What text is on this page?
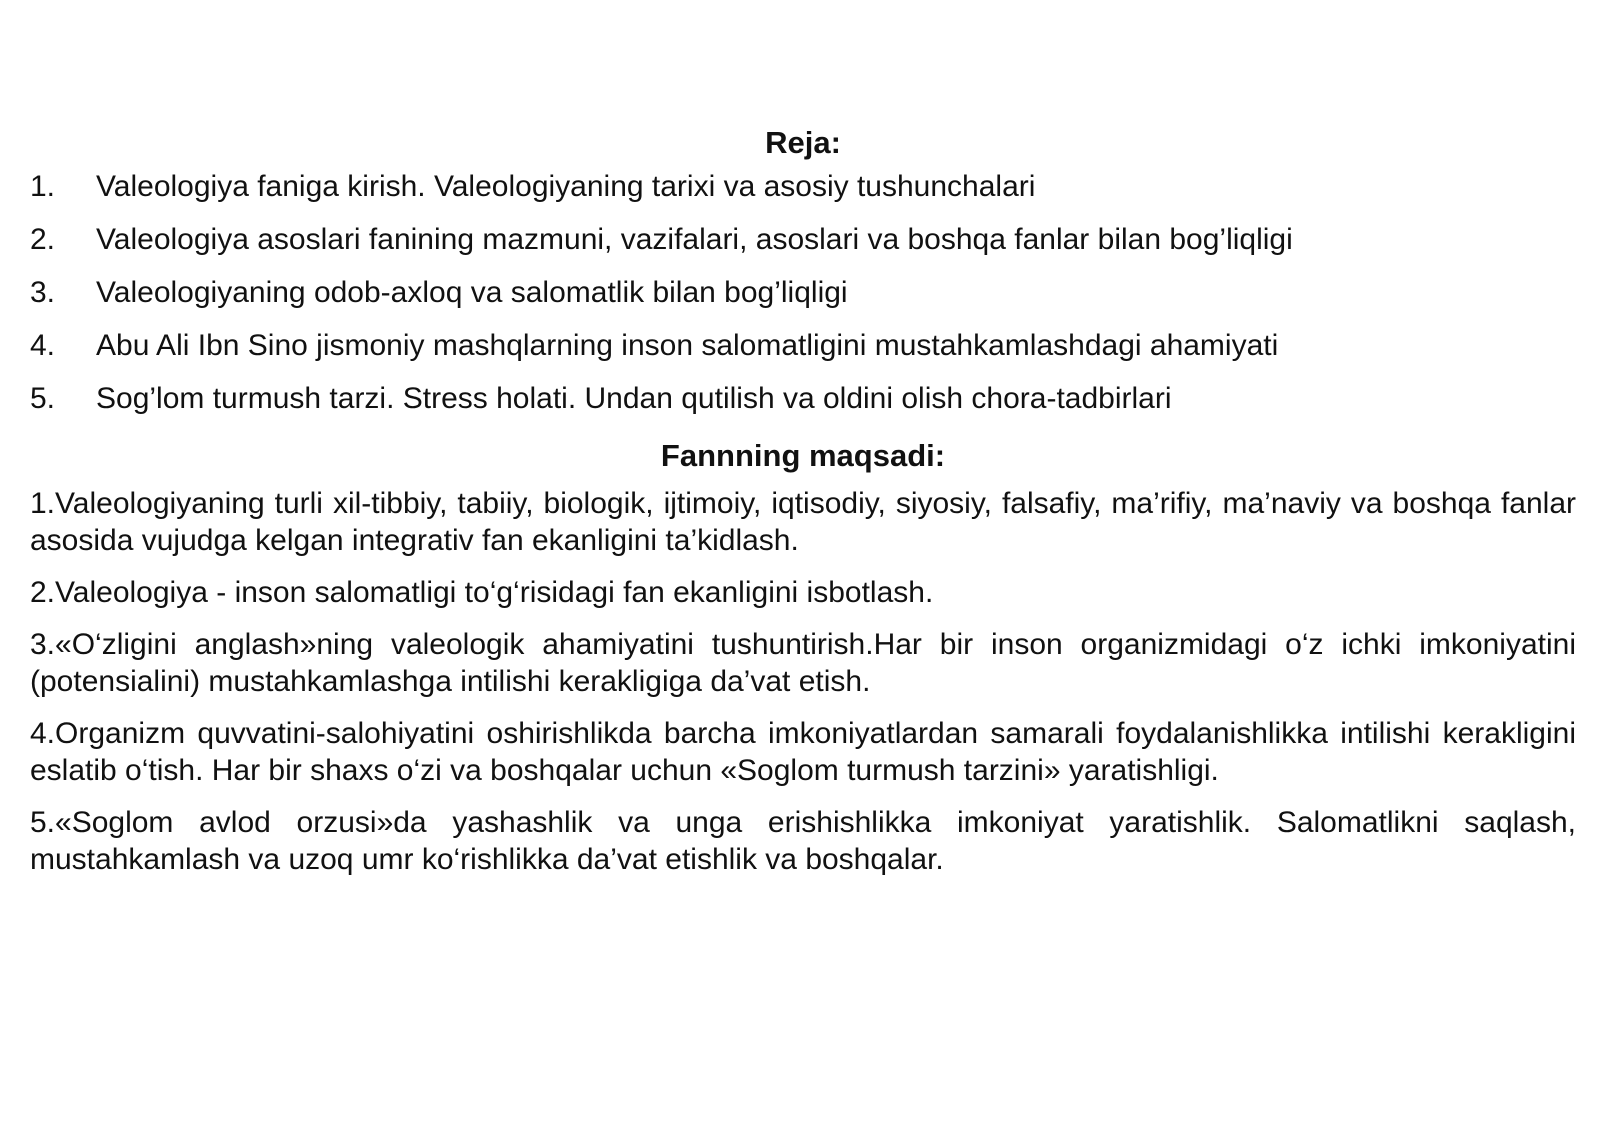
Reja:
1.	Valeologiya faniga kirish. Valeologiyaning tarixi va asosiy tushunchalari
2.	Valeologiya asoslari fanining mazmuni, vazifalari, asoslari va boshqa fanlar bilan bog’liqligi
3.	Valeologiyaning odob-axloq va salomatlik bilan bog’liqligi
4.	Abu Ali Ibn Sino jismoniy mashqlarning inson salomatligini mustahkamlashdagi ahamiyati
5.	Sog’lom turmush tarzi. Stress holati. Undan qutilish va oldini olish chora-tadbirlari
Fannning maqsadi:

1.Valeologiyaning turli xil-tibbiy, tabiiy, biologik, ijtimoiy, iqtisodiy, siyosiy, falsafiy, ma’rifiy, ma’naviy va boshqa fanlar asosida vujudga kelgan integrativ fan ekanligini ta’kidlash.

2.Valeologiya - inson salomatligi to‘g‘risidagi fan ekanligini isbotlash.

3.«O‘zligini anglash»ning valeologik ahamiyatini tushuntirish.Har bir inson organizmidagi o‘z ichki imkoniyatini (potensialini) mustahkamlashga intilishi kerakligiga da’vat etish.

4.Organizm quvvatini-salohiyatini oshirishlikda barcha imkoniyatlardan samarali foydalanishlikka intilishi kerakligini eslatib o‘tish. Har bir shaxs o‘zi va boshqalar uchun «Soglom turmush tarzini» yaratishligi.

5.«Soglom avlod orzusi»da yashashlik va unga erishishlikka imkoniyat yaratishlik. Salomatlikni saqlash, mustahkamlash va uzoq umr ko‘rishlikka da’vat etishlik va boshqalar.
